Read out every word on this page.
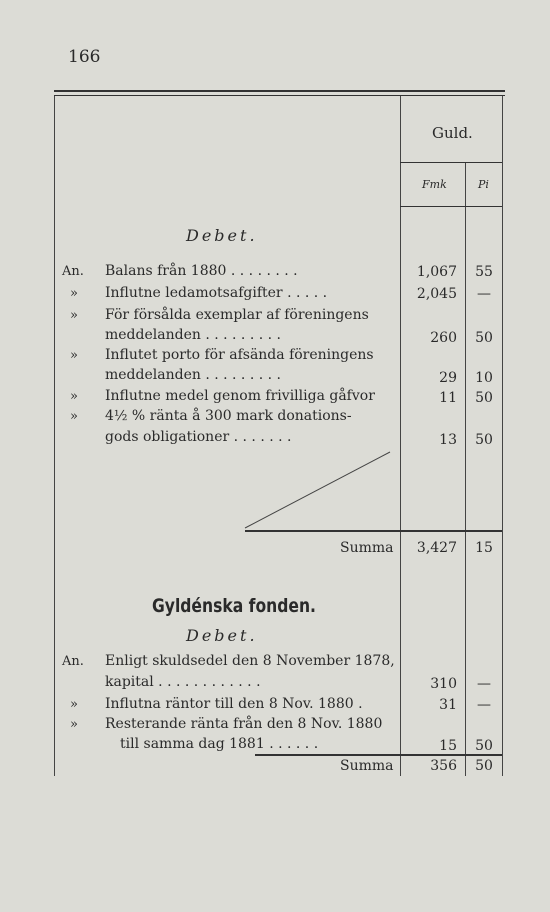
166
Guld.
Fmk	Pi
Debet.
An. Balans från 1880 . . . . . . . .	1,067	55
» Influtne ledamotsafgifter . . . . .	2,045	—
» För försålda exemplar af föreningens
meddelanden . . . . . . . . .	260	50
» Influtet porto för afsända föreningens
meddelanden . . . . . . . . .	29	10
» Influtne medel genom frivilliga gåfvor	11	50
» 4½ % ränta å 300 mark donations-
gods obligationer . . . . . . .	13	50
Summa	3,427	15
Gyldénska fonden.
Debet.
An. Enligt skuldsedel den 8 November 1878,
kapital . . . . . . . . . . . .	310	—
» Influtna räntor till den 8 Nov. 1880 .	31	—
» Resterande ränta från den 8 Nov. 1880
till samma dag 1881 . . . . . .	15	50
Summa	356	50
